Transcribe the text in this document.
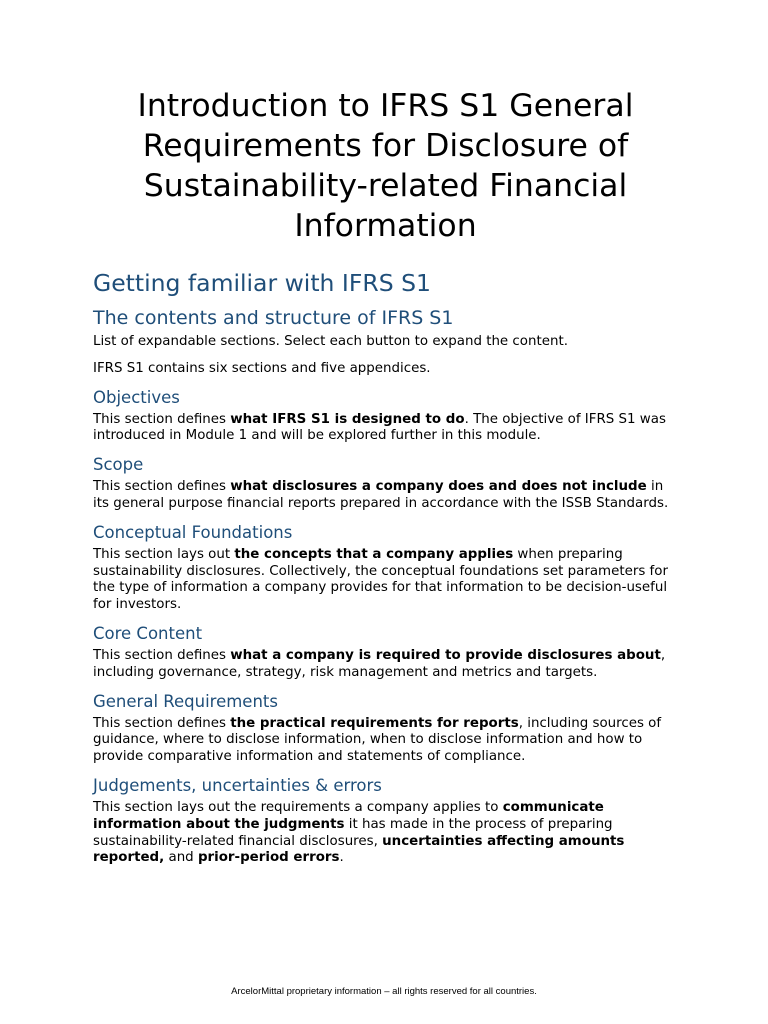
Introduction to IFRS S1 General Requirements for Disclosure of Sustainability-related Financial Information
Getting familiar with IFRS S1
The contents and structure of IFRS S1

List of expandable sections. Select each button to expand the content.

IFRS S1 contains six sections and five appendices.

Objectives

This section defines what IFRS S1 is designed to do. The objective of IFRS S1 was introduced in Module 1 and will be explored further in this module.

Scope

This section defines what disclosures a company does and does not include in its general purpose financial reports prepared in accordance with the ISSB Standards.

Conceptual Foundations

This section lays out the concepts that a company applies when preparing sustainability disclosures. Collectively, the conceptual foundations set parameters for the type of information a company provides for that information to be decision-useful for investors.

Core Content

This section defines what a company is required to provide disclosures about, including governance, strategy, risk management and metrics and targets.

General Requirements

This section defines the practical requirements for reports, including sources of guidance, where to disclose information, when to disclose information and how to provide comparative information and statements of compliance.

Judgements, uncertainties & errors

This section lays out the requirements a company applies to communicate information about the judgments it has made in the process of preparing sustainability-related financial disclosures, uncertainties affecting amounts reported, and prior-period errors.

ArcelorMittal proprietary information – all rights reserved for all countries.
